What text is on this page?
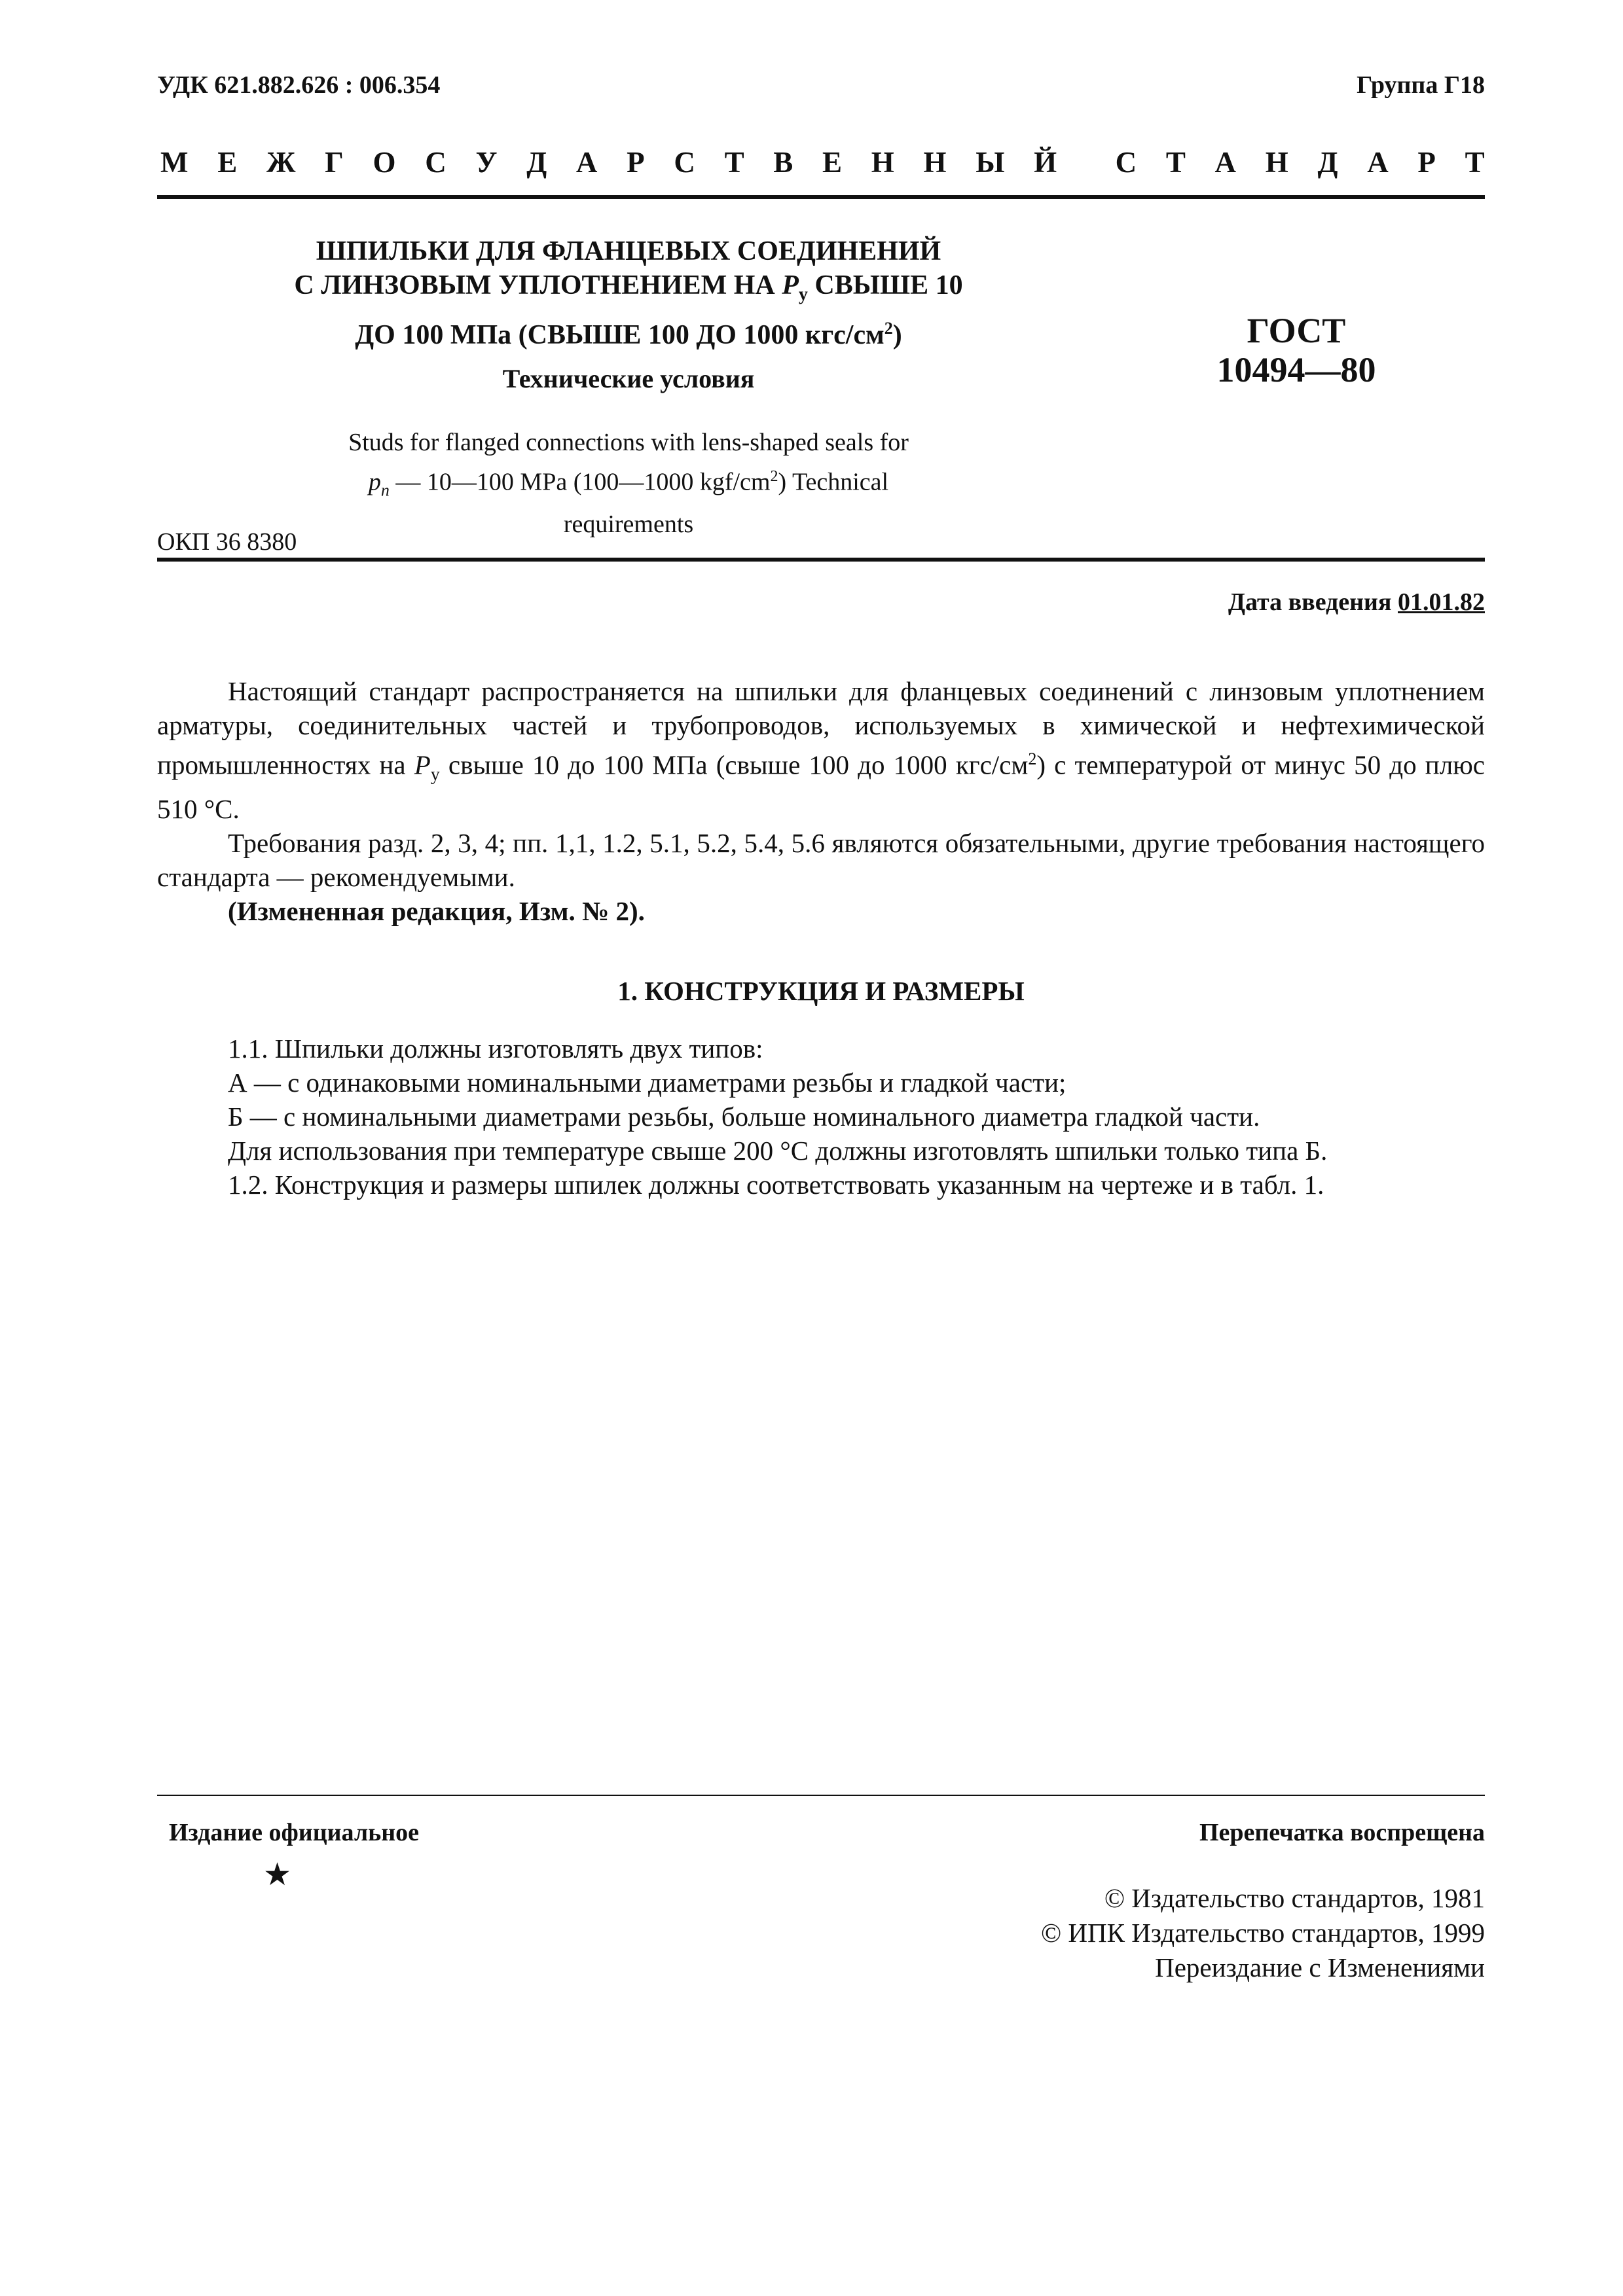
УДК 621.882.626 : 006.354	Группа Г18
М Е Ж Г О С У Д А Р С Т В Е Н Н Ы Й С Т А Н Д А Р Т
ШПИЛЬКИ ДЛЯ ФЛАНЦЕВЫХ СОЕДИНЕНИЙ
С ЛИНЗОВЫМ УПЛОТНЕНИЕМ НА $P_у$ СВЫШЕ 10
ДО 100 МПа (СВЫШЕ 100 ДО 1000 кгс/$см^2$)
Технические условия
Studs for flanged connections with lens-shaped seals for
$p_n$ — 10—100 MPa (100—1000 kgf/$cm^2$) Technical
requirements
ГОСТ
10494—80
ОКП 36 8380
Дата введения 01.01.82

Настоящий стандарт распространяется на шпильки для фланцевых соединений с линзовым уплотнением арматуры, соединительных частей и трубопроводов, используемых в химической и нефтехимической промышленностях на $P_у$ свыше 10 до 100 МПа (свыше 100 до 1000 кгс/$см^2$) с температурой от минус 50 до плюс 510 °С.

Требования разд. 2, 3, 4; пп. 1,1, 1.2, 5.1, 5.2, 5.4, 5.6 являются обязательными, другие требования настоящего стандарта — рекомендуемыми.

(Измененная редакция, Изм. № 2).

1. КОНСТРУКЦИЯ И РАЗМЕРЫ

1.1. Шпильки должны изготовлять двух типов:

А — с одинаковыми номинальными диаметрами резьбы и гладкой части;

Б — с номинальными диаметрами резьбы, больше номинального диаметра гладкой части.

Для использования при температуре свыше 200 °С должны изготовлять шпильки только типа Б.

1.2. Конструкция и размеры шпилек должны соответствовать указанным на чертеже и в табл. 1.

Издание официальное
★
Перепечатка воспрещена
© Издательство стандартов, 1981
© ИПК Издательство стандартов, 1999
Переиздание с Изменениями
